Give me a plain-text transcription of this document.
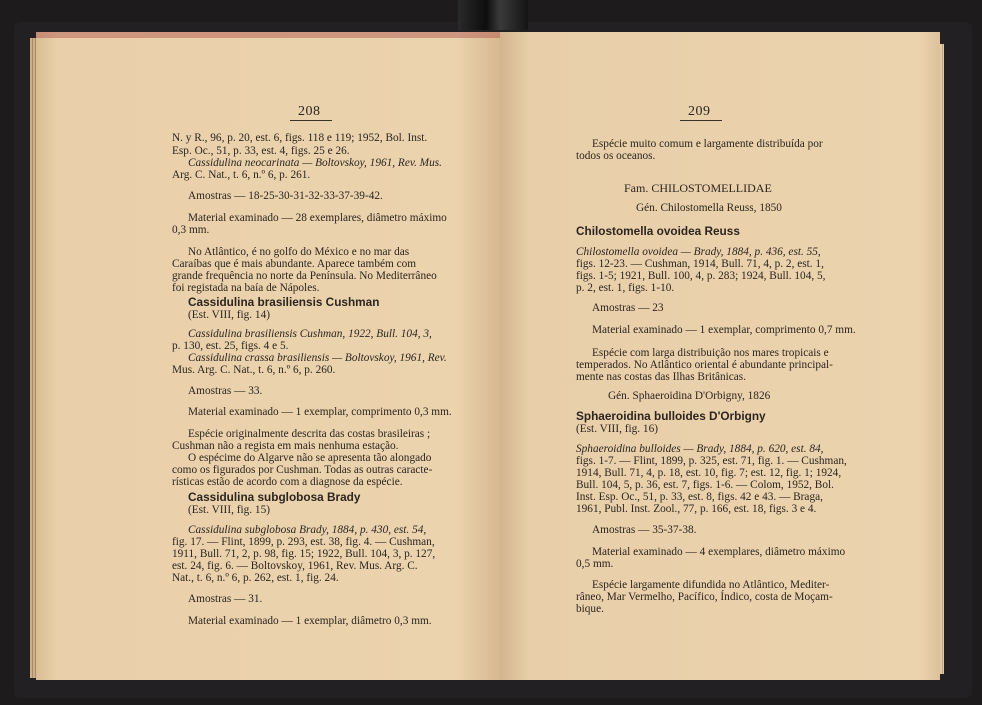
208
N. y R., 96, p. 20, est. 6, figs. 118 e 119; 1952, Bol. Inst.
Esp. Oc., 51, p. 33, est. 4, figs. 25 e 26.
Cassidulina neocarinata — Boltovskoy, 1961, Rev. Mus.
Arg. C. Nat., t. 6, n.º 6, p. 261.
Amostras — 18-25-30-31-32-33-37-39-42.
Material examinado — 28 exemplares, diâmetro máximo
0,3 mm.
No Atlântico, é no golfo do México e no mar das
Caraíbas que é mais abundante. Aparece também com
grande frequência no norte da Península. No Mediterrâneo
foi registada na baía de Nápoles.
Cassidulina brasiliensis Cushman
(Est. VIII, fig. 14)
Cassidulina brasiliensis Cushman, 1922, Bull. 104, 3,
p. 130, est. 25, figs. 4 e 5.
Cassidulina crassa brasiliensis — Boltovskoy, 1961, Rev.
Mus. Arg. C. Nat., t. 6, n.º 6, p. 260.
Amostras — 33.
Material examinado — 1 exemplar, comprimento 0,3 mm.
Espécie originalmente descrita das costas brasileiras ;
Cushman não a regista em mais nenhuma estação.
O espécime do Algarve não se apresenta tão alongado
como os figurados por Cushman. Todas as outras caracte-
rísticas estão de acordo com a diagnose da espécie.
Cassidulina subglobosa Brady
(Est. VIII, fig. 15)
Cassidulina subglobosa Brady, 1884, p. 430, est. 54,
fig. 17. — Flint, 1899, p. 293, est. 38, fig. 4. — Cushman,
1911, Bull. 71, 2, p. 98, fig. 15; 1922, Bull. 104, 3, p. 127,
est. 24, fig. 6. — Boltovskoy, 1961, Rev. Mus. Arg. C.
Nat., t. 6, n.º 6, p. 262, est. 1, fig. 24.
Amostras — 31.
Material examinado — 1 exemplar, diâmetro 0,3 mm.
209
Espécie muito comum e largamente distribuída por
todos os oceanos.
Fam. CHILOSTOMELLIDAE
Gén. Chilostomella Reuss, 1850
Chilostomella ovoidea Reuss
Chilostomella ovoidea — Brady, 1884, p. 436, est. 55,
figs. 12-23. — Cushman, 1914, Bull. 71, 4, p. 2, est. 1,
figs. 1-5; 1921, Bull. 100, 4, p. 283; 1924, Bull. 104, 5,
p. 2, est. 1, figs. 1-10.
Amostras — 23
Material examinado — 1 exemplar, comprimento 0,7 mm.
Espécie com larga distribuição nos mares tropicais e
temperados. No Atlântico oriental é abundante principal-
mente nas costas das Ilhas Britânicas.
Gén. Sphaeroidina D'Orbigny, 1826
Sphaeroidina bulloides D'Orbigny
(Est. VIII, fig. 16)
Sphaeroidina bulloides — Brady, 1884, p. 620, est. 84,
figs. 1-7. — Flint, 1899, p. 325, est. 71, fig. 1. — Cushman,
1914, Bull. 71, 4, p. 18, est. 10, fig. 7; est. 12, fig. 1; 1924,
Bull. 104, 5, p. 36, est. 7, figs. 1-6. — Colom, 1952, Bol.
Inst. Esp. Oc., 51, p. 33, est. 8, figs. 42 e 43. — Braga,
1961, Publ. Inst. Zool., 77, p. 166, est. 18, figs. 3 e 4.
Amostras — 35-37-38.
Material examinado — 4 exemplares, diâmetro máximo
0,5 mm.
Espécie largamente difundida no Atlântico, Mediter-
râneo, Mar Vermelho, Pacífico, Índico, costa de Moçam-
bique.
